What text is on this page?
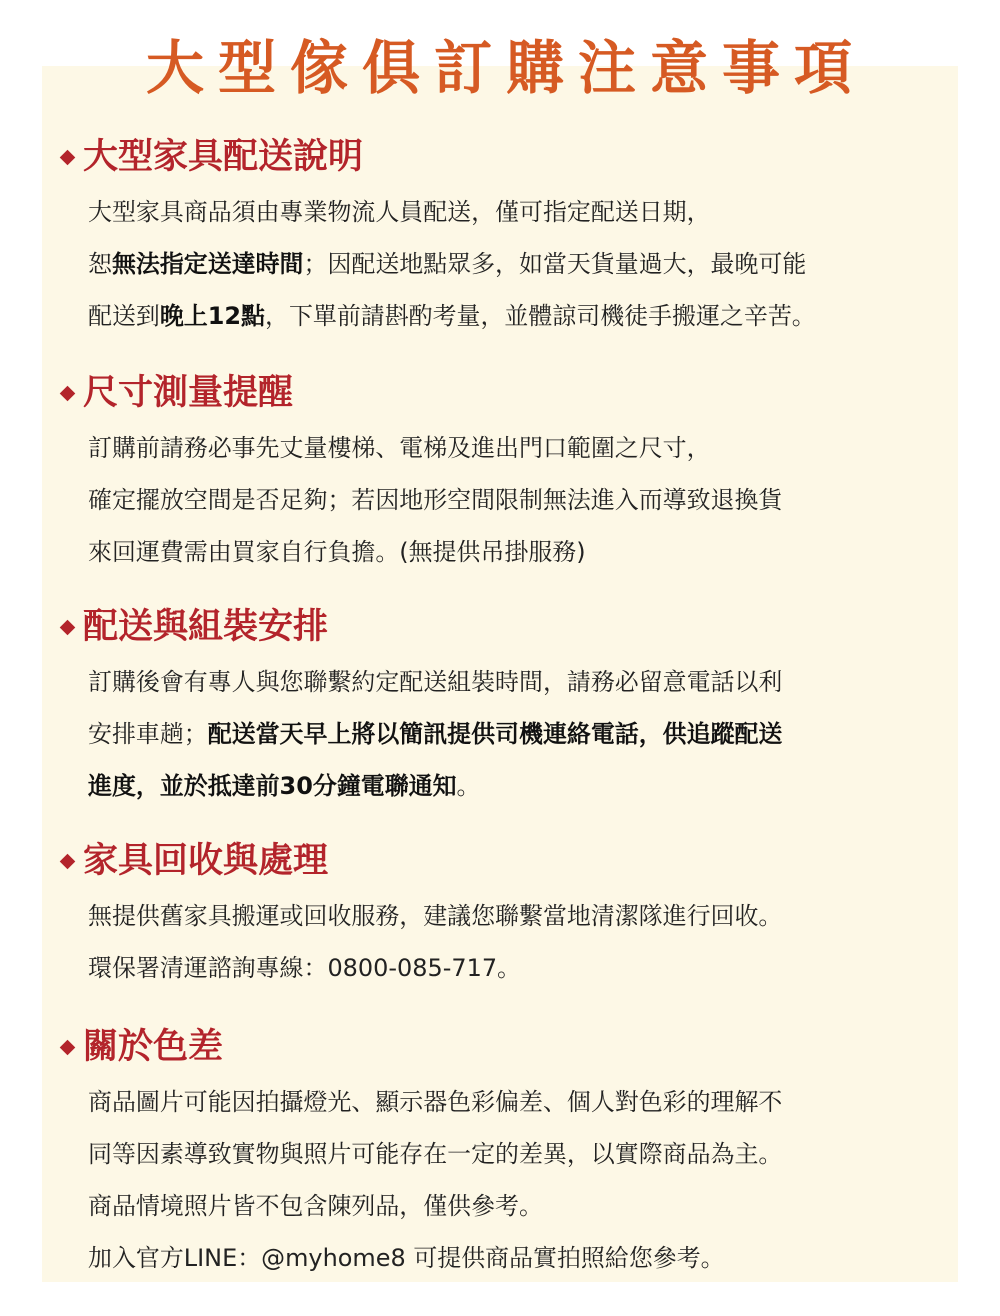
大型傢俱訂購注意事項
大型家具配送說明
大型家具商品須由專業物流人員配送，僅可指定配送日期，
恕無法指定送達時間；因配送地點眾多，如當天貨量過大，最晚可能
配送到晚上12點，下單前請斟酌考量，並體諒司機徒手搬運之辛苦。
尺寸測量提醒
訂購前請務必事先丈量樓梯、電梯及進出門口範圍之尺寸，
確定擺放空間是否足夠；若因地形空間限制無法進入而導致退換貨
來回運費需由買家自行負擔。(無提供吊掛服務)
配送與組裝安排
訂購後會有專人與您聯繫約定配送組裝時間，請務必留意電話以利
安排車趟；配送當天早上將以簡訊提供司機連絡電話，供追蹤配送
進度，並於抵達前30分鐘電聯通知。
家具回收與處理
無提供舊家具搬運或回收服務，建議您聯繫當地清潔隊進行回收。
環保署清運諮詢專線：0800-085-717。
關於色差
商品圖片可能因拍攝燈光、顯示器色彩偏差、個人對色彩的理解不
同等因素導致實物與照片可能存在一定的差異，以實際商品為主。
商品情境照片皆不包含陳列品，僅供參考。
加入官方LINE：@myhome8 可提供商品實拍照給您參考。
